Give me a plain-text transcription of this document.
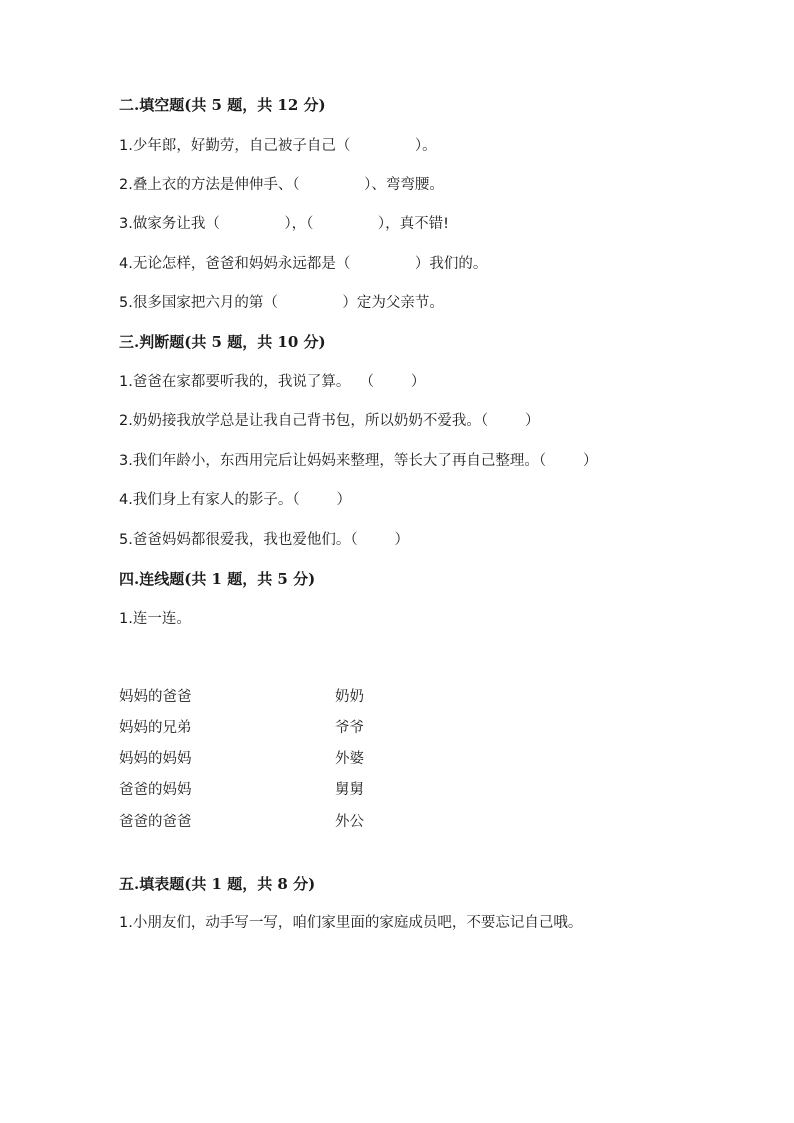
二.填空题(共 5 题，共 12 分)
1.少年郎，好勤劳，自己被子自己（              ）。
2.叠上衣的方法是伸伸手、（              ）、弯弯腰。
3.做家务让我（              ），（              ），真不错!
4.无论怎样，爸爸和妈妈永远都是（              ）我们的。
5.很多国家把六月的第（              ）定为父亲节。
三.判断题(共 5 题，共 10 分)
1.爸爸在家都要听我的，我说了算。  （        ）
2.奶奶接我放学总是让我自己背书包，所以奶奶不爱我。（        ）
3.我们年龄小，东西用完后让妈妈来整理，等长大了再自己整理。（        ）
4.我们身上有家人的影子。（        ）
5.爸爸妈妈都很爱我，我也爱他们。（        ）
四.连线题(共 1 题，共 5 分)
1.连一连。
妈妈的爸爸
妈妈的兄弟
妈妈的妈妈
爸爸的妈妈
爸爸的爸爸
奶奶
爷爷
外婆
舅舅
外公
五.填表题(共 1 题，共 8 分)
1.小朋友们，动手写一写，咱们家里面的家庭成员吧，不要忘记自己哦。
